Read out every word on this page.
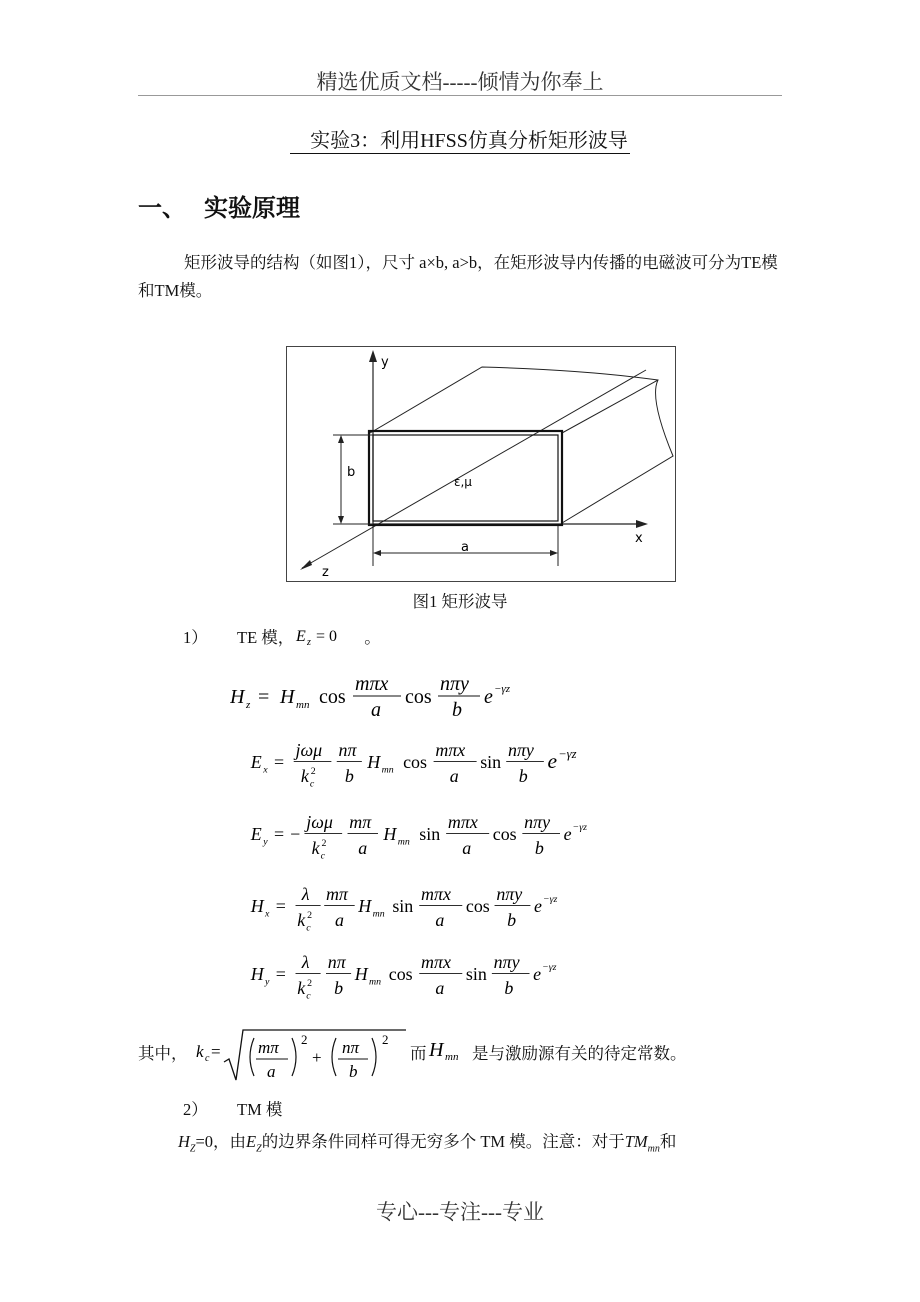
精选优质文档-----倾情为你奉上
实验3：利用HFSS仿真分析矩形波导
一、 实验原理
矩形波导的结构（如图1），尺寸 a×b, a>b，在矩形波导内传播的电磁波可分为TE模和TM模。
y
x
z
b
a
ε,μ
图1 矩形波导
1） TE 模， E z = 0 。
H z = H mn cos
mπx
a
cos
nπy
b
e −γz
E x =
jωμ
k c
2
nπ
b
H mn cos
mπx
a
sin
nπy
b
e −γz
E y = −
jωμ
k c
2
mπ
a
H mn sin
mπx
a
cos
nπy
b
e −γz
H x =
λ
k c
2
mπ
a
H mn sin
mπx
a
cos
nπy
b
e −γz
H y =
λ
k c
2
nπ
b
H mn cos
mπx
a
sin
nπy
b
e −γz
其中， k c = mπ
a
2
+
nπ
b
2
而 H mn 是与激励源有关的待定常数。
2） TM 模
$H_Z=0$，由$E_Z$的边界条件同样可得无穷多个 TM 模。注意：对于$TM_{mn}$和
专心---专注---专业
